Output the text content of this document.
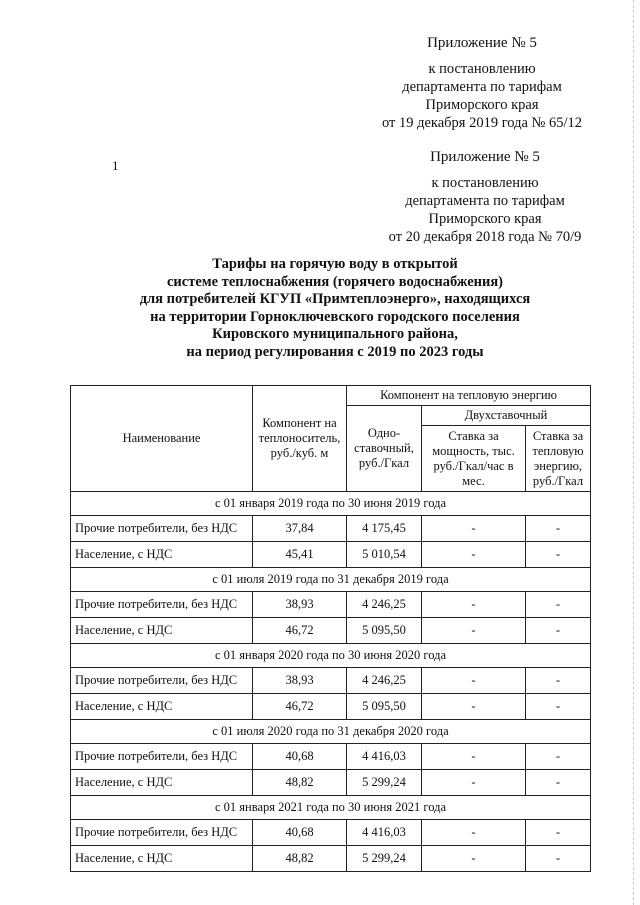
Приложение № 5
к постановлению
департамента по тарифам
Приморского края
от 19 декабря 2019 года № 65/12
1
Приложение № 5
к постановлению
департамента по тарифам
Приморского края
от 20 декабря 2018 года № 70/9
Тарифы на горячую воду в открытой
системе теплоснабжения (горячего водоснабжения)
для потребителей КГУП «Примтеплоэнерго», находящихся
на территории Горноключевского городского поселения
Кировского муниципального района,
на период регулирования с 2019 по 2023 годы
Наименование	Компонент на теплоноситель, руб./куб. м	Компонент на тепловую энергию		
		Одно-ставочный, руб./Гкал	Двухставочный	
			Ставка за мощность, тыс. руб./Гкал/час в мес.	Ставка за тепловую энергию, руб./Гкал
с 01 января 2019 года по 30 июня 2019 года				
Прочие потребители, без НДС	37,84	4 175,45	-	-
Население, с НДС	45,41	5 010,54	-	-
с 01 июля 2019 года по 31 декабря 2019 года				
Прочие потребители, без НДС	38,93	4 246,25	-	-
Население, с НДС	46,72	5 095,50	-	-
с 01 января 2020 года по 30 июня 2020 года				
Прочие потребители, без НДС	38,93	4 246,25	-	-
Население, с НДС	46,72	5 095,50	-	-
с 01 июля 2020 года по 31 декабря 2020 года				
Прочие потребители, без НДС	40,68	4 416,03	-	-
Население, с НДС	48,82	5 299,24	-	-
с 01 января 2021 года по 30 июня 2021 года				
Прочие потребители, без НДС	40,68	4 416,03	-	-
Население, с НДС	48,82	5 299,24	-	-
